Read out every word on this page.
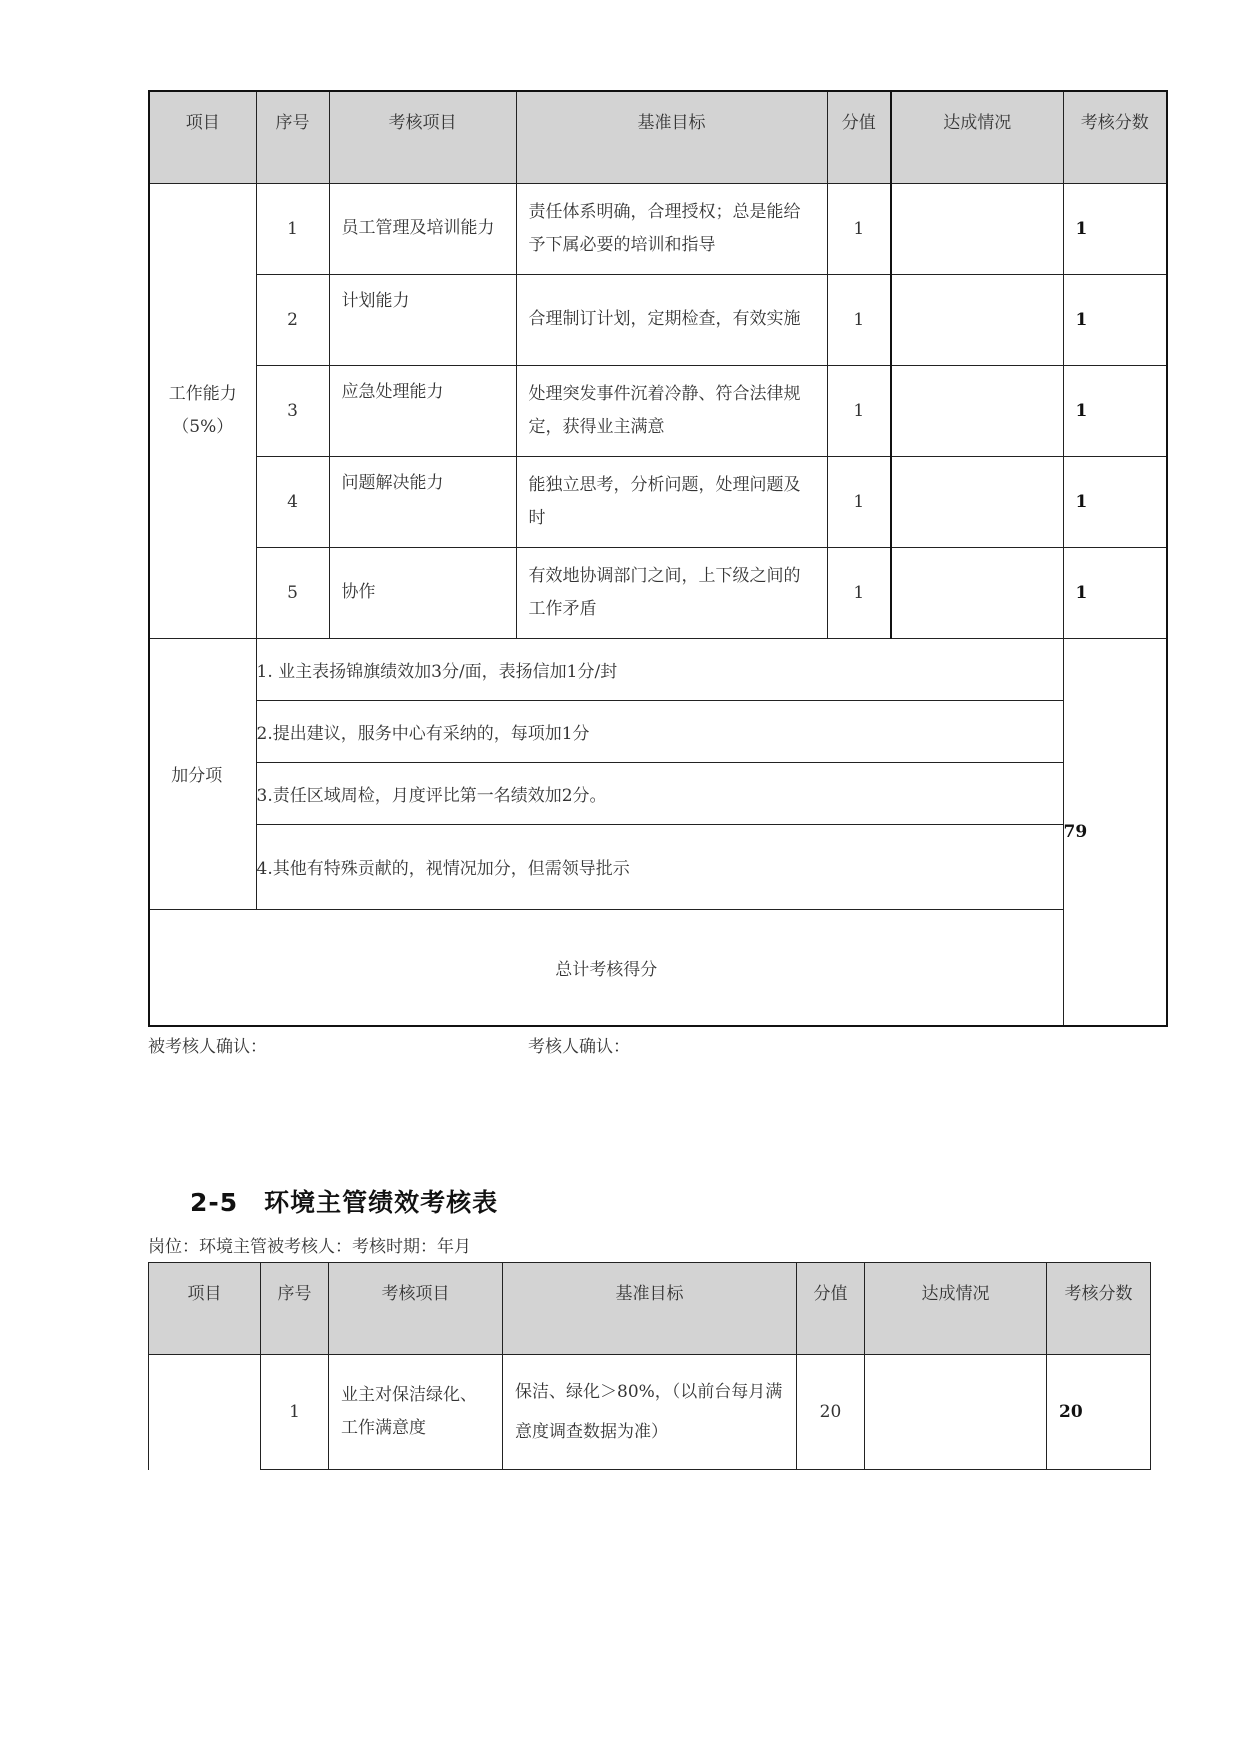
项目	序号	考核项目	基准目标	分值	达成情况	考核分数

工作能力
（5%）	1	员工管理及培训能力	责任体系明确，合理授权；总是能给予下属必要的培训和指导	1		1
	2	计划能力	合理制订计划，定期检查，有效实施	1		1
	3	应急处理能力	处理突发事件沉着冷静、符合法律规定，获得业主满意	1		1
	4	问题解决能力	能独立思考，分析问题，处理问题及时	1		1
	5	协作	有效地协调部门之间，上下级之间的工作矛盾	1		1
加分项	1. 业主表扬锦旗绩效加3分/面，表扬信加1分/封					79
	2.提出建议，服务中心有采纳的，每项加1分					
	3.责任区域周检，月度评比第一名绩效加2分。					
	4.其他有特殊贡献的，视情况加分，但需领导批示					
总计考核得分						
被考核人确认：	考核人确认：
2-5　环境主管绩效考核表
岗位：环境主管被考核人：考核时期：年月
项目	序号	考核项目	基准目标	分值	达成情况	考核分数
	1	业主对保洁绿化、工作满意度	保洁、绿化＞80%，（以前台每月满意度调查数据为准）	20		20
